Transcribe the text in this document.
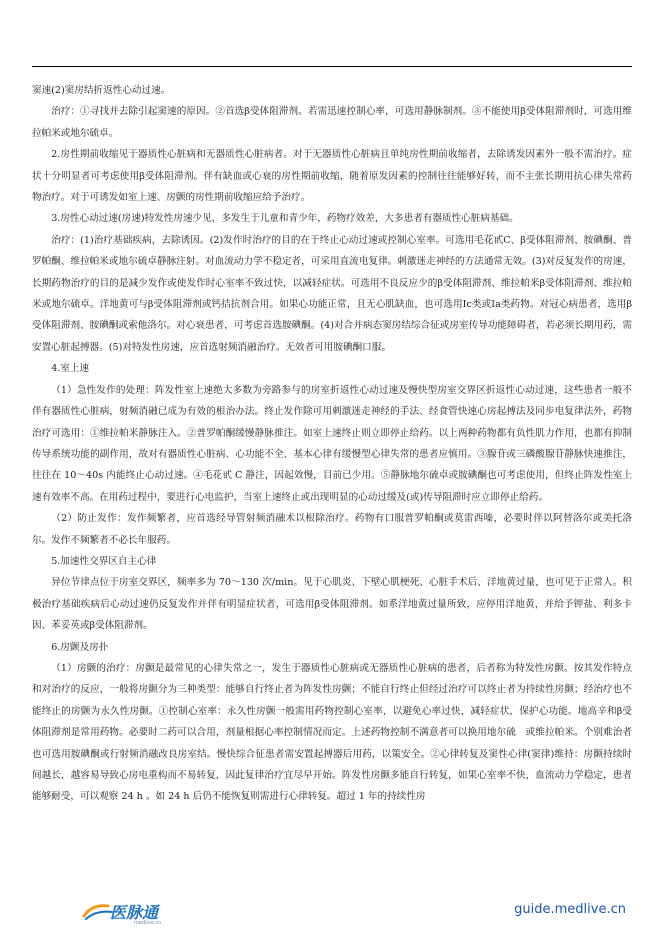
窦速(2)窦房结折返性心动过速。

治疗：①寻找并去除引起窦速的原因。②首选β受体阻滞剂。若需迅速控制心率，可选用静脉制剂。③不能使用β受体阻滞剂时，可选用维拉帕米或地尔硫卓。

2.房性期前收缩见于器质性心脏病和无器质性心脏病者。对于无器质性心脏病且单纯房性期前收缩者，去除诱发因素外一般不需治疗。症状十分明显者可考虑使用β受体阻滞剂。伴有缺血或心衰的房性期前收缩，随着原发因素的控制往往能够好转，而不主张长期用抗心律失常药物治疗。对于可诱发如室上速、房颤的房性期前收缩应给予治疗。

3.房性心动过速(房速)特发性房速少见，多发生于儿童和青少年，药物疗效差，大多患者有器质性心脏病基础。

治疗：(1)治疗基础疾病，去除诱因。(2)发作时治疗的目的在于终止心动过速或控制心室率。可选用毛花甙C、β受体阻滞剂、胺碘酮、普罗帕酮、维拉帕米或地尔硫卓静脉注射。对血流动力学不稳定者，可采用直流电复律。刺激迷走神经的方法通常无效。(3)对反复发作的房速，长期药物治疗的目的是减少发作或使发作时心室率不致过快，以减轻症状。可选用不良反应少的β受体阻滞剂、维拉帕米β受体阻滞剂、维拉帕米或地尔硫卓。洋地黄可与β受体阻滞剂或钙拮抗剂合用。如果心功能正常，且无心肌缺血，也可选用Ⅰc类或Ⅰa类药物。对冠心病患者，选用β受体阻滞剂、胺碘酮或索他洛尔。对心衰患者，可考虑首选胺碘酮。(4)对合并病态窦房结综合征或房室传导功能障碍者，若必须长期用药，需安置心脏起搏器。(5)对特发性房速，应首选射频消融治疗。无效者可用胺碘酮口服。

4.室上速

（1）急性发作的处理：阵发性室上速绝大多数为旁路参与的房室折返性心动过速及慢快型房室交界区折返性心动过速，这些患者一般不伴有器质性心脏病，射频消融已成为有效的根治办法。终止发作除可用刺激迷走神经的手法、经食管快速心房起搏法及同步电复律法外，药物治疗可选用：①维拉帕米静脉注入。②普罗帕酮缓慢静脉推注。如室上速终止则立即停止给药。以上两种药物都有负性肌力作用，也都有抑制传导系统功能的副作用，故对有器质性心脏病、心功能不全、基本心律有缓慢型心律失常的患者应慎用。③腺苷或三磷酸腺苷静脉快速推注，往往在 10～40s 内能终止心动过速。④毛花甙 C 静注，因起效慢，目前已少用。⑤静脉地尔硫卓或胺碘酮也可考虑使用，但终止阵发性室上速有效率不高。在用药过程中，要进行心电监护，当室上速终止或出现明显的心动过缓及(或)传导阻滞时应立即停止给药。

（2）防止发作：发作频繁者，应首选经导管射频消融术以根除治疗。药物有口服普罗帕酮或莫雷西嗪，必要时伴以阿替洛尔或美托洛尔。发作不频繁者不必长年服药。

5.加速性交界区自主心律

异位节律点位于房室交界区，频率多为 70～130 次/min。见于心肌炎、下壁心肌梗死、心脏手术后、洋地黄过量，也可见于正常人。积极治疗基础疾病后心动过速仍反复发作并伴有明显症状者，可选用β受体阻滞剂。如系洋地黄过量所致，应停用洋地黄，并给予钾盐、利多卡因、苯妥英或β受体阻滞剂。

6.房颤及房扑

（1）房颤的治疗：房颤是最常见的心律失常之一，发生于器质性心脏病或无器质性心脏病的患者，后者称为特发性房颤。按其发作特点和对治疗的反应，一般将房颤分为三种类型：能够自行终止者为阵发性房颤；不能自行终止但经过治疗可以终止者为持续性房颤；经治疗也不能终止的房颤为永久性房颤。①控制心室率：永久性房颤一般需用药物控制心室率，以避免心率过快，减轻症状，保护心功能。地高辛和β受体阻滞剂是常用药物。必要时二药可以合用，剂量根据心率控制情况而定。上述药物控制不满意者可以换用地尔硫　或维拉帕米。个别难治者也可选用胺碘酮或行射频消融改良房室结。慢快综合征患者需安置起搏器后用药，以策安全。②心律转复及窦性心律(窦律)维持：房颤持续时间越长，越容易导致心房电重构而不易转复，因此复律治疗宜尽早开始。阵发性房颤多能自行转复，如果心室率不快，血流动力学稳定，患者能够耐受，可以观察 24 h 。如 24 h 后仍不能恢复则需进行心律转复。超过 1 年的持续性房

医脉通
medlive.cn
guide.medlive.cn
